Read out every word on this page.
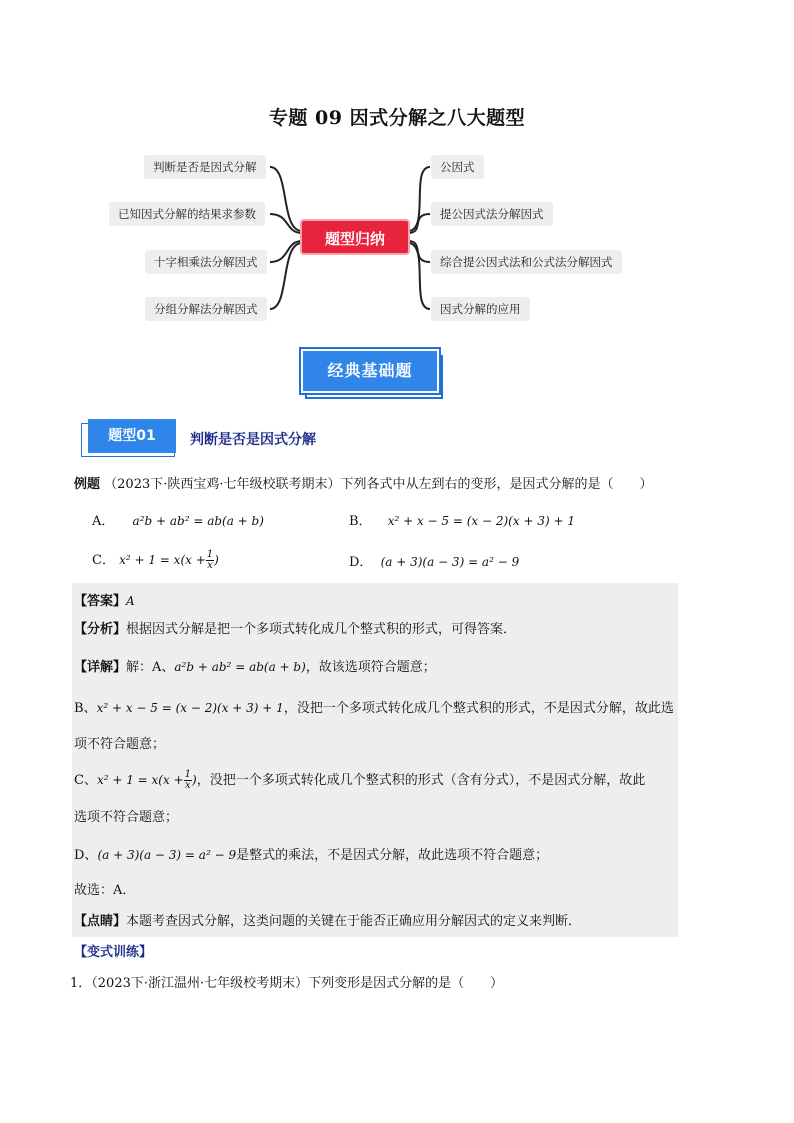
专题 09 因式分解之八大题型
判断是否是因式分解
已知因式分解的结果求参数
十字相乘法分解因式
分组分解法分解因式
题型归纳
公因式
提公因式法分解因式
综合提公因式法和公式法分解因式
因式分解的应用
经典基础题
题型01	判断是否是因式分解
例题 （2023下·陕西宝鸡·七年级校联考期末）下列各式中从左到右的变形，是因式分解的是（　　）
A． a²b + ab² = ab(a + b)	B． x² + x − 5 = (x − 2)(x + 3) + 1
C． $x^2 + 1 = x(x + \frac{1}{x}$ )	D． (a + 3)(a − 3) = a² − 9
【答案】A
【分析】根据因式分解是把一个多项式转化成几个整式积的形式，可得答案．
【详解】解：A、a²b + ab² = ab(a + b)，故该选项符合题意；
B、x² + x − 5 = (x − 2)(x + 3) + 1，没把一个多项式转化成几个整式积的形式，不是因式分解，故此选
项不符合题意；
C、$x^2 + 1 = x(x + \frac{1}{x}$ )，没把一个多项式转化成几个整式积的形式（含有分式），不是因式分解，故此
选项不符合题意；
D、(a + 3)(a − 3) = a² − 9是整式的乘法，不是因式分解，故此选项不符合题意；
故选：A．
【点睛】本题考查因式分解，这类问题的关键在于能否正确应用分解因式的定义来判断．
【变式训练】
1．（2023下·浙江温州·七年级校考期末）下列变形是因式分解的是（　　）
